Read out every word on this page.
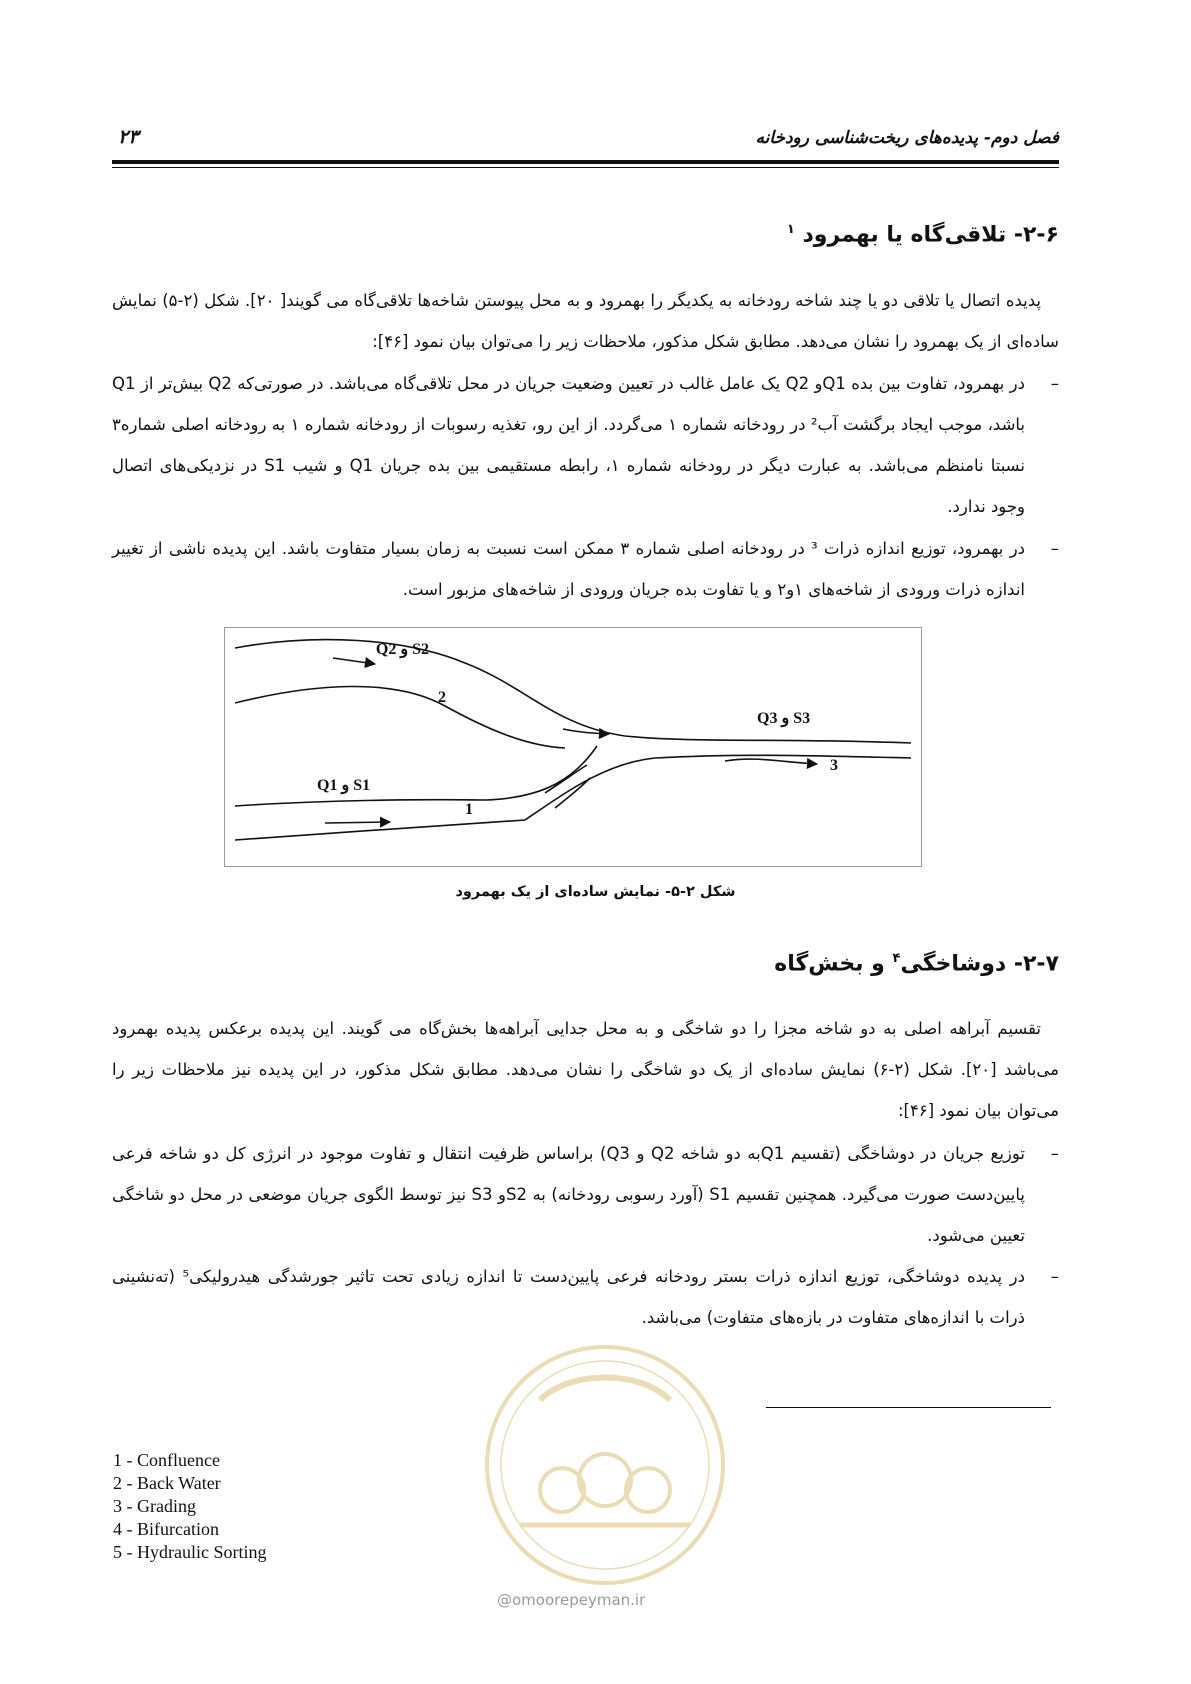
فصل دوم- پدیده‌های ریخت‌شناسی رودخانه
۲۳
۲-۶- تلاقی‌گاه یا بهمرود $^۱$
پدیده اتصال یا تلاقی دو یا چند شاخه رودخانه به یکدیگر را بهمرود و به محل پیوستن شاخه‌ها تلاقی‌گاه می گویند[ ۲۰]. شکل (۲-۵) نمایش ساده‌ای از یک بهمرود را نشان می‌دهد. مطابق شکل مذکور، ملاحظات زیر را می‌توان بیان نمود [۴۶]:
–
در بهمرود، تفاوت بین بده Q1و Q2 یک عامل غالب در تعیین وضعیت جریان در محل تلاقی‌گاه می‌باشد. در صورتی‌که Q2 بیش‌تر از Q1 باشد، موجب ایجاد برگشت آب² در رودخانه شماره ۱ می‌گردد. از این رو، تغذیه رسوبات از رودخانه شماره ۱ به رودخانه اصلی شماره۳ نسبتا نامنظم می‌باشد. به عبارت دیگر در رودخانه شماره ۱، رابطه مستقیمی بین بده جریان Q1 و شیب S1 در نزدیکی‌های اتصال وجود ندارد.
–
در بهمرود، توزیع اندازه ذرات ³ در رودخانه اصلی شماره ۳ ممکن است نسبت به زمان بسیار متفاوت باشد. این پدیده ناشی از تغییر اندازه ذرات ورودی از شاخه‌های ۱و۲ و یا تفاوت بده جریان ورودی از شاخه‌های مزبور است.
Q2 و S2
2
Q3 و S3
3
Q1 و S1
1
شکل ۲-۵- نمایش ساده‌ای از یک بهمرود
۲-۷- دوشاخگی$^۴$ و بخش‌گاه
تقسیم آبراهه اصلی به دو شاخه مجزا را دو شاخگی و به محل جدایی آبراهه‌ها بخش‌گاه می گویند. این پدیده برعکس پدیده بهمرود می‌باشد [۲۰]. شکل (۲-۶) نمایش ساده‌ای از یک دو شاخگی را نشان می‌دهد. مطابق شکل مذکور، در این پدیده نیز ملاحظات زیر را می‌توان بیان نمود [۴۶]:
–
توزیع جریان در دوشاخگی (تقسیم Q1به دو شاخه Q2 و Q3) براساس ظرفیت انتقال و تفاوت موجود در انرژی کل دو شاخه فرعی پایین‌دست صورت می‌گیرد. همچنین تقسیم S1 (آورد رسوبی رودخانه) به S2و S3 نیز توسط الگوی جریان موضعی در محل دو شاخگی تعیین می‌شود.
–
در پدیده دوشاخگی، توزیع اندازه ذرات بستر رودخانه فرعی پایین‌دست تا اندازه زیادی تحت تاثیر جورشدگی هیدرولیکی⁵ (ته‌نشینی ذرات با اندازه‌های متفاوت در بازه‌های متفاوت) می‌باشد.
@omoorepeyman.ir
1 - Confluence
2 - Back Water
3 - Grading
4 - Bifurcation
5 - Hydraulic Sorting
